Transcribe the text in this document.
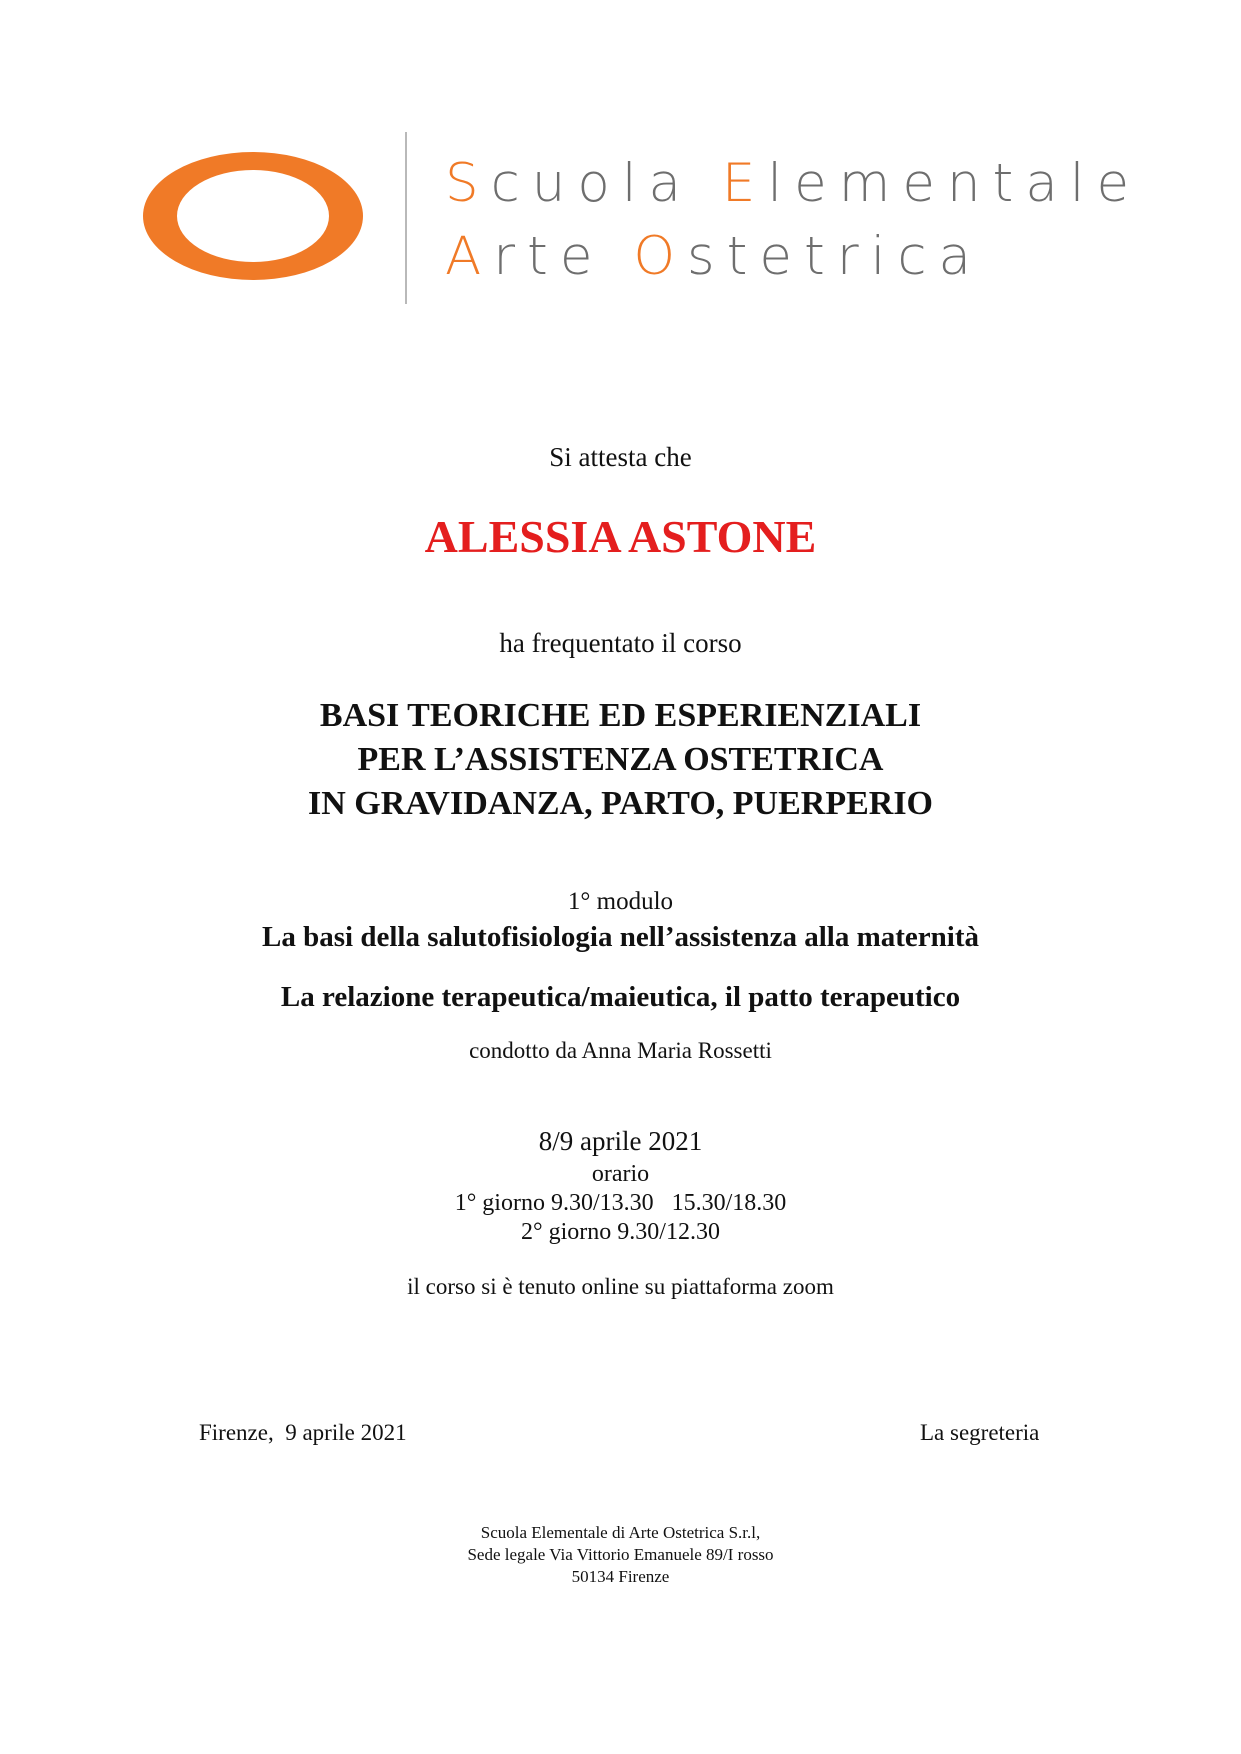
Scuola Elementale
Arte Ostetrica
Si attesta che
ALESSIA ASTONE
ha frequentato il corso
BASI TEORICHE ED ESPERIENZIALI
PER L’ASSISTENZA OSTETRICA
IN GRAVIDANZA, PARTO, PUERPERIO
1° modulo
La basi della salutofisiologia nell’assistenza alla maternità
La relazione terapeutica/maieutica, il patto terapeutico
condotto da Anna Maria Rossetti
8/9 aprile 2021
orario
1° giorno 9.30/13.30   15.30/18.30
2° giorno 9.30/12.30
il corso si è tenuto online su piattaforma zoom
Firenze,  9 aprile 2021	La segreteria
Scuola Elementale di Arte Ostetrica S.r.l,
Sede legale Via Vittorio Emanuele 89/I rosso
50134 Firenze
